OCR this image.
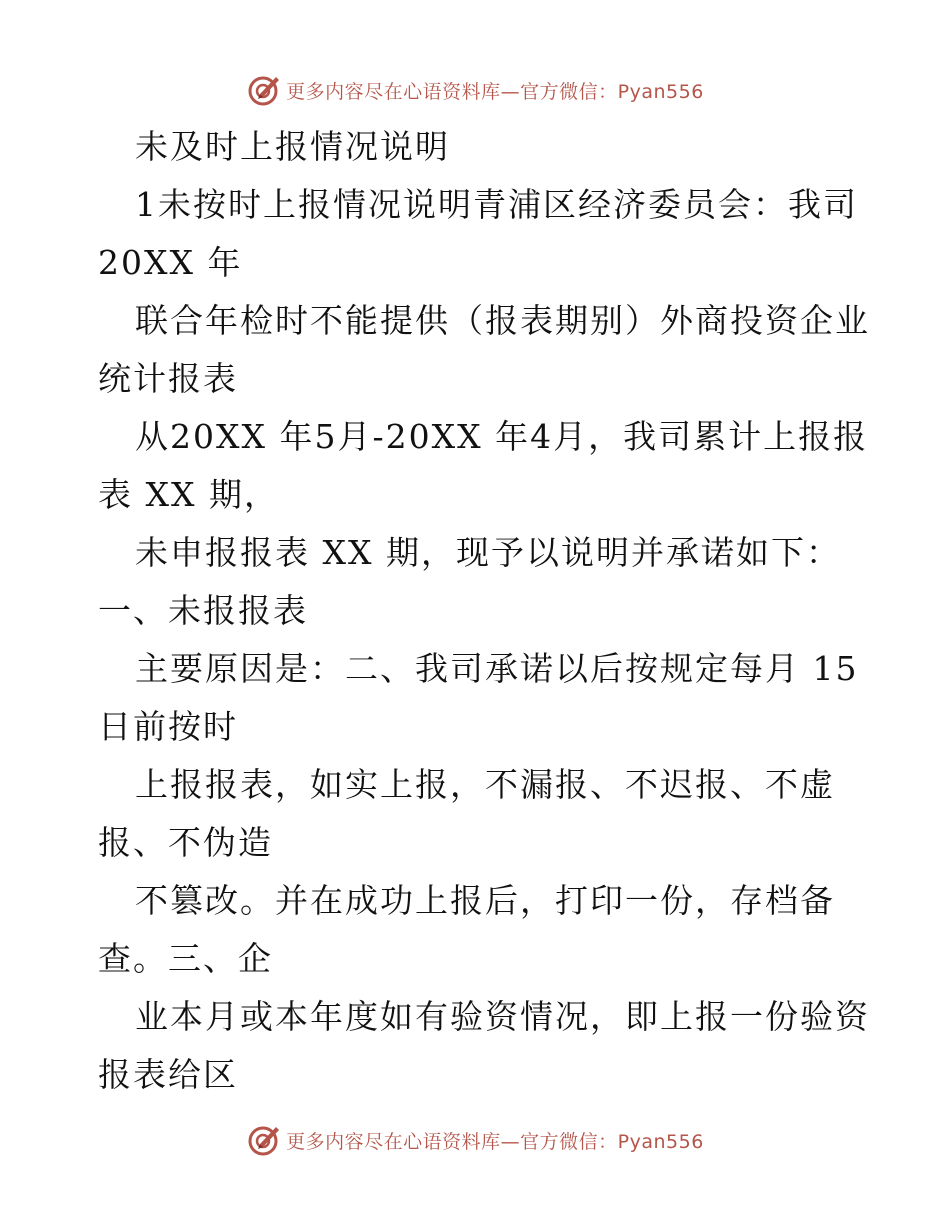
更多内容尽在心语资料库—官方微信：Pyan556

未及时上报情况说明

1未按时上报情况说明青浦区经济委员会：我司

20XX 年

联合年检时不能提供（报表期别）外商投资企业

统计报表

从20XX 年5月-20XX 年4月，我司累计上报报

表 XX 期，

未申报报表 XX 期，现予以说明并承诺如下：

一、未报报表

主要原因是：二、我司承诺以后按规定每月 15

日前按时

上报报表，如实上报，不漏报、不迟报、不虚

报、不伪造

不篡改。并在成功上报后，打印一份，存档备

查。三、企

业本月或本年度如有验资情况，即上报一份验资

报表给区

更多内容尽在心语资料库—官方微信：Pyan556
